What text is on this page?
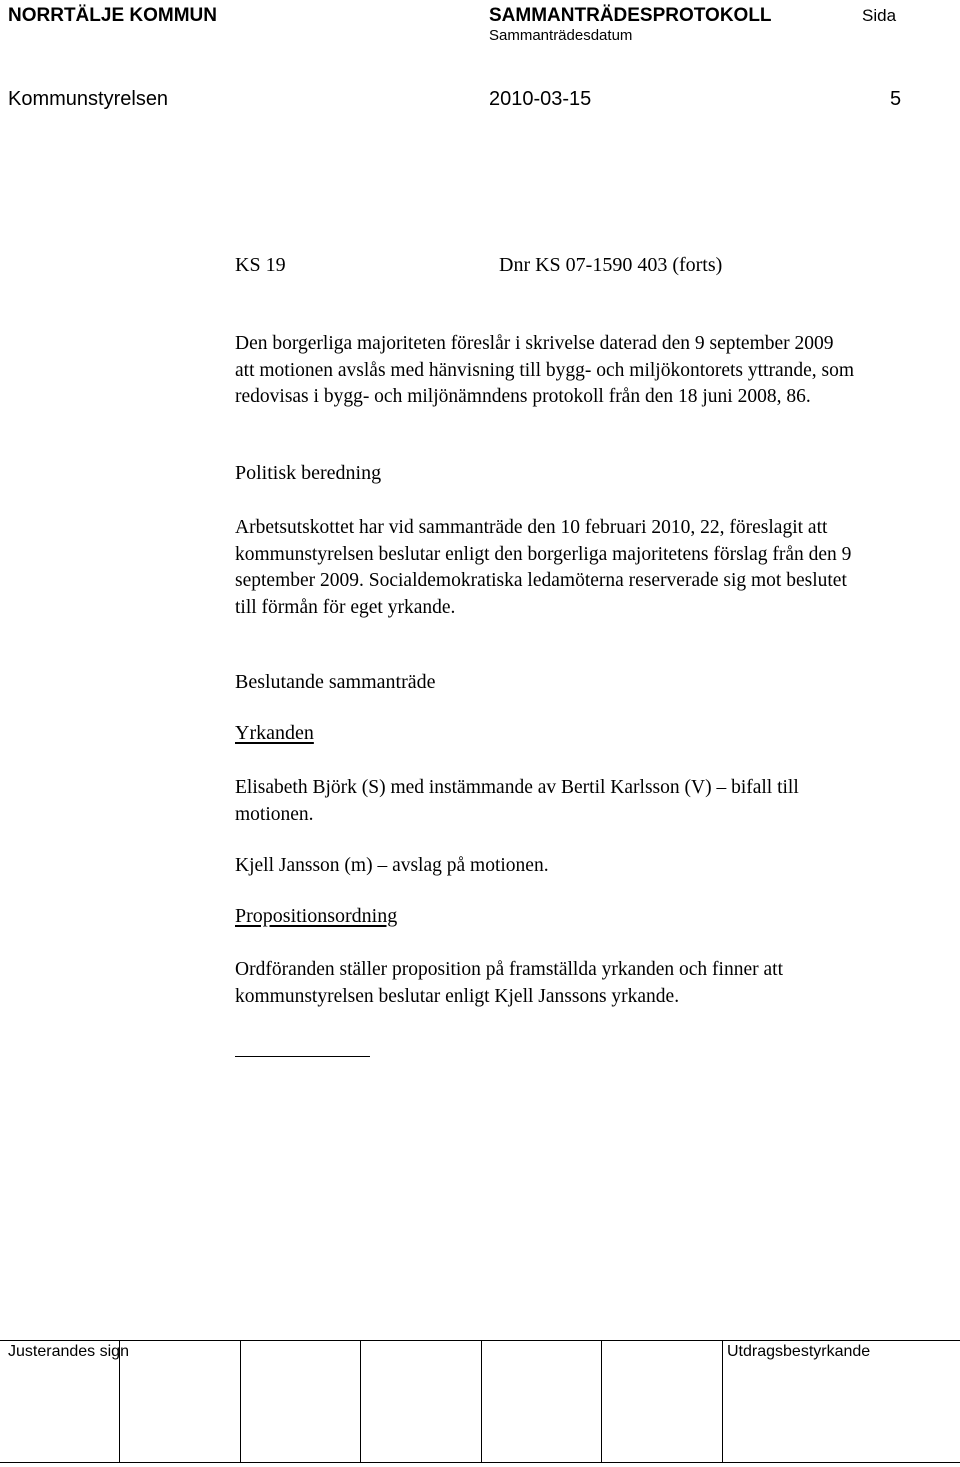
NORRTÄLJE KOMMUN	SAMMANTRÄDESPROTOKOLL	Sida
Sammanträdesdatum
Kommunstyrelsen	2010-03-15	5
KS 19	Dnr KS 07-1590 403 (forts)
Den borgerliga majoriteten föreslår i skrivelse daterad den 9 september 2009
att motionen avslås med hänvisning till bygg- och miljökontorets yttrande, som
redovisas i bygg- och miljönämndens protokoll från den 18 juni 2008, 86.
Politisk beredning
Arbetsutskottet har vid sammanträde den 10 februari 2010, 22, föreslagit att
kommunstyrelsen beslutar enligt den borgerliga majoritetens förslag från den 9
september 2009. Socialdemokratiska ledamöterna reserverade sig mot beslutet
till förmån för eget yrkande.
Beslutande sammanträde
Yrkanden
Elisabeth Björk (S) med instämmande av Bertil Karlsson (V) – bifall till
motionen.
Kjell Jansson (m) – avslag på motionen.
Propositionsordning
Ordföranden ställer proposition på framställda yrkanden och finner att
kommunstyrelsen beslutar enligt Kjell Janssons yrkande.
Justerandes sign	Utdragsbestyrkande
